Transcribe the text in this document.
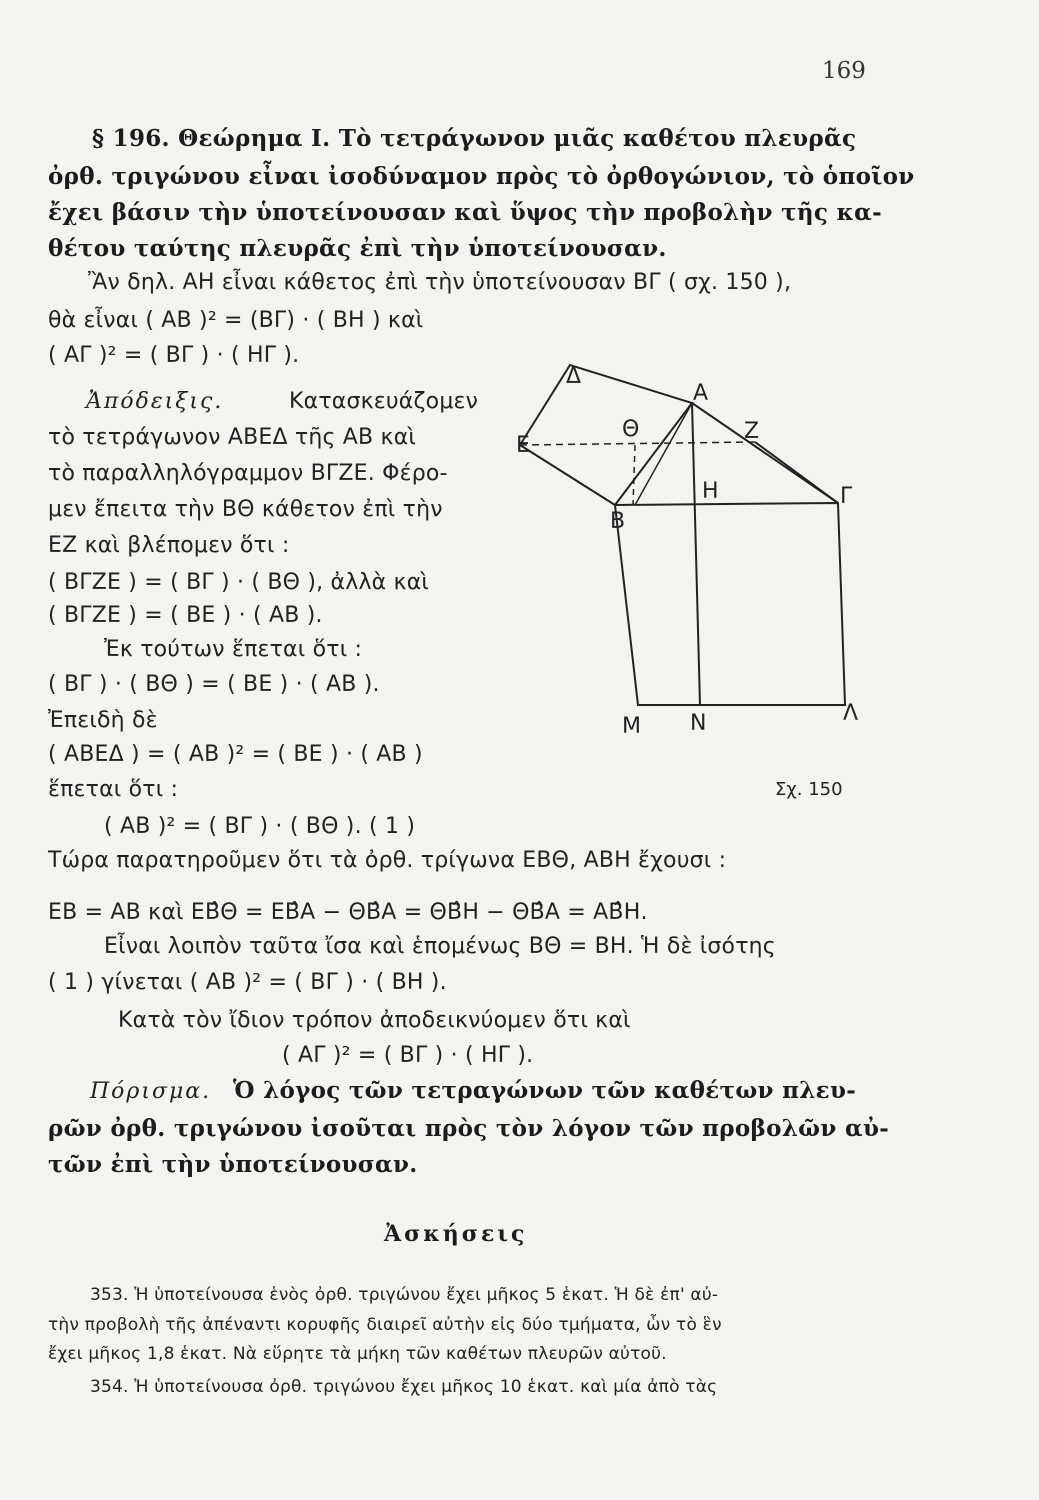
169
§ 196. Θεώρημα Ι. Τὸ τετράγωνον μιᾶς καθέτου πλευρᾶς
ὀρθ. τριγώνου εἶναι ἰσοδύναμον πρὸς τὸ ὀρθογώνιον, τὸ ὁποῖον
ἔχει βάσιν τὴν ὑποτείνουσαν καὶ ὕψος τὴν προβολὴν τῆς κα-
θέτου ταύτης πλευρᾶς ἐπὶ τὴν ὑποτείνουσαν.
Ἂν δηλ. ΑΗ εἶναι κάθετος ἐπὶ τὴν ὑποτείνουσαν ΒΓ ( σχ. 150 ),
θὰ εἶναι ( ΑΒ )² = (ΒΓ) · ( ΒΗ ) καὶ
( ΑΓ )² = ( ΒΓ ) · ( ΗΓ ).
Ἀπόδειξις.	Κατασκευάζομεν
τὸ τετράγωνον ΑΒΕΔ τῆς ΑΒ καὶ
τὸ παραλληλόγραμμον ΒΓΖΕ. Φέρο-
μεν ἔπειτα τὴν ΒΘ κάθετον ἐπὶ τὴν
ΕΖ καὶ βλέπομεν ὅτι :
( ΒΓΖΕ ) = ( ΒΓ ) · ( ΒΘ ), ἀλλὰ καὶ
( ΒΓΖΕ ) = ( ΒΕ ) · ( ΑΒ ).
Ἐκ τούτων ἕπεται ὅτι :
( ΒΓ ) · ( ΒΘ ) = ( ΒΕ ) · ( ΑΒ ).
Ἐπειδὴ δὲ
( ΑΒΕΔ ) = ( ΑΒ )² = ( ΒΕ ) · ( ΑΒ )
ἕπεται ὅτι :
( ΑΒ )² = ( ΒΓ ) · ( ΒΘ ). ( 1 )
Τώρα παρατηροῦμεν ὅτι τὰ ὀρθ. τρίγωνα ΕΒΘ, ΑΒΗ ἔχουσι :
ΕΒ = ΑΒ καὶ ΕΒ̂Θ = ΕΒ̂Α − ΘΒ̂Α = ΘΒ̂Η − ΘΒ̂Α = ΑΒ̂Η.
Εἶναι λοιπὸν ταῦτα ἴσα καὶ ἑπομένως ΒΘ = ΒΗ. Ἡ δὲ ἰσότης
( 1 ) γίνεται ( ΑΒ )² = ( ΒΓ ) · ( ΒΗ ).
Κατὰ τὸν ἴδιον τρόπον ἀποδεικνύομεν ὅτι καὶ
( ΑΓ )² = ( ΒΓ ) · ( ΗΓ ).
Δ
Α
Θ	Ζ
Ε
Η
Β
Γ
Μ Ν	Λ
Σχ. 150
Πόρισμα. Ὁ λόγος τῶν τετραγώνων τῶν καθέτων πλευ-
ρῶν ὀρθ. τριγώνου ἰσοῦται πρὸς τὸν λόγον τῶν προβολῶν αὐ-
τῶν ἐπὶ τὴν ὑποτείνουσαν.
Ἀσκήσεις
353. Ἡ ὑποτείνουσα ἑνὸς ὀρθ. τριγώνου ἔχει μῆκος 5 ἑκατ. Ἡ δὲ ἐπ' αὐ-
τὴν προβολὴ τῆς ἀπέναντι κορυφῆς διαιρεῖ αὐτὴν εἰς δύο τμήματα, ὧν τὸ ἓν
ἔχει μῆκος 1,8 ἑκατ. Νὰ εὕρητε τὰ μήκη τῶν καθέτων πλευρῶν αὐτοῦ.
354. Ἡ ὑποτείνουσα ὀρθ. τριγώνου ἔχει μῆκος 10 ἑκατ. καὶ μία ἀπὸ τὰς
